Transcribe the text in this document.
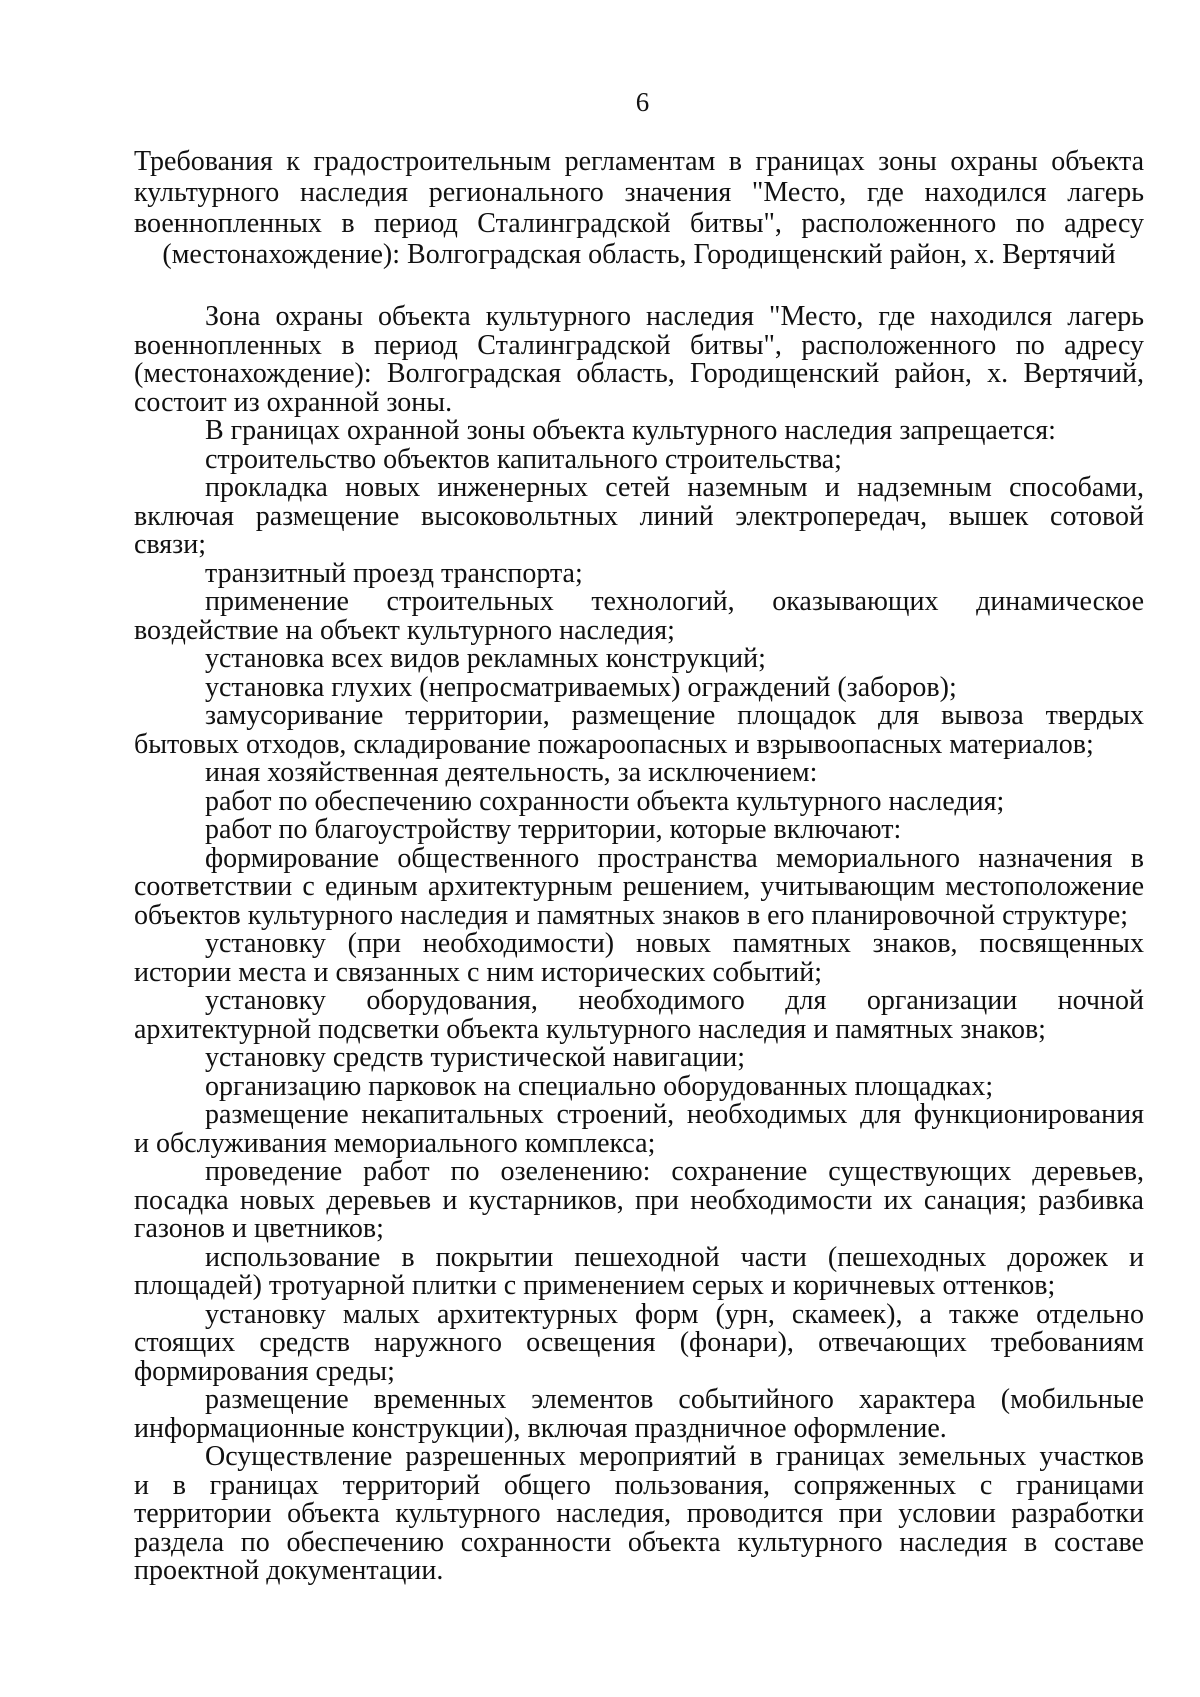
6
Требования к градостроительным регламентам в границах зоны охраны объекта
культурного наследия регионального значения "Место, где находился лагерь
военнопленных в период Сталинградской битвы", расположенного по адресу
(местонахождение): Волгоградская область, Городищенский район, х. Вертячий
Зона охраны объекта культурного наследия "Место, где находился лагерь
военнопленных в период Сталинградской битвы", расположенного по адресу
(местонахождение): Волгоградская область, Городищенский район, х. Вертячий,
состоит из охранной зоны.
В границах охранной зоны объекта культурного наследия запрещается:
строительство объектов капитального строительства;
прокладка новых инженерных сетей наземным и надземным способами,
включая размещение высоковольтных линий электропередач, вышек сотовой
связи;
транзитный проезд транспорта;
применение строительных технологий, оказывающих динамическое
воздействие на объект культурного наследия;
установка всех видов рекламных конструкций;
установка глухих (непросматриваемых) ограждений (заборов);
замусоривание территории, размещение площадок для вывоза твердых
бытовых отходов, складирование пожароопасных и взрывоопасных материалов;
иная хозяйственная деятельность, за исключением:
работ по обеспечению сохранности объекта культурного наследия;
работ по благоустройству территории, которые включают:
формирование общественного пространства мемориального назначения в
соответствии с единым архитектурным решением, учитывающим местоположение
объектов культурного наследия и памятных знаков в его планировочной структуре;
установку (при необходимости) новых памятных знаков, посвященных
истории места и связанных с ним исторических событий;
установку оборудования, необходимого для организации ночной
архитектурной подсветки объекта культурного наследия и памятных знаков;
установку средств туристической навигации;
организацию парковок на специально оборудованных площадках;
размещение некапитальных строений, необходимых для функционирования
и обслуживания мемориального комплекса;
проведение работ по озеленению: сохранение существующих деревьев,
посадка новых деревьев и кустарников, при необходимости их санация; разбивка
газонов и цветников;
использование в покрытии пешеходной части (пешеходных дорожек и
площадей) тротуарной плитки с применением серых и коричневых оттенков;
установку малых архитектурных форм (урн, скамеек), а также отдельно
стоящих средств наружного освещения (фонари), отвечающих требованиям
формирования среды;
размещение временных элементов событийного характера (мобильные
информационные конструкции), включая праздничное оформление.
Осуществление разрешенных мероприятий в границах земельных участков
и в границах территорий общего пользования, сопряженных с границами
территории объекта культурного наследия, проводится при условии разработки
раздела по обеспечению сохранности объекта культурного наследия в составе
проектной документации.
